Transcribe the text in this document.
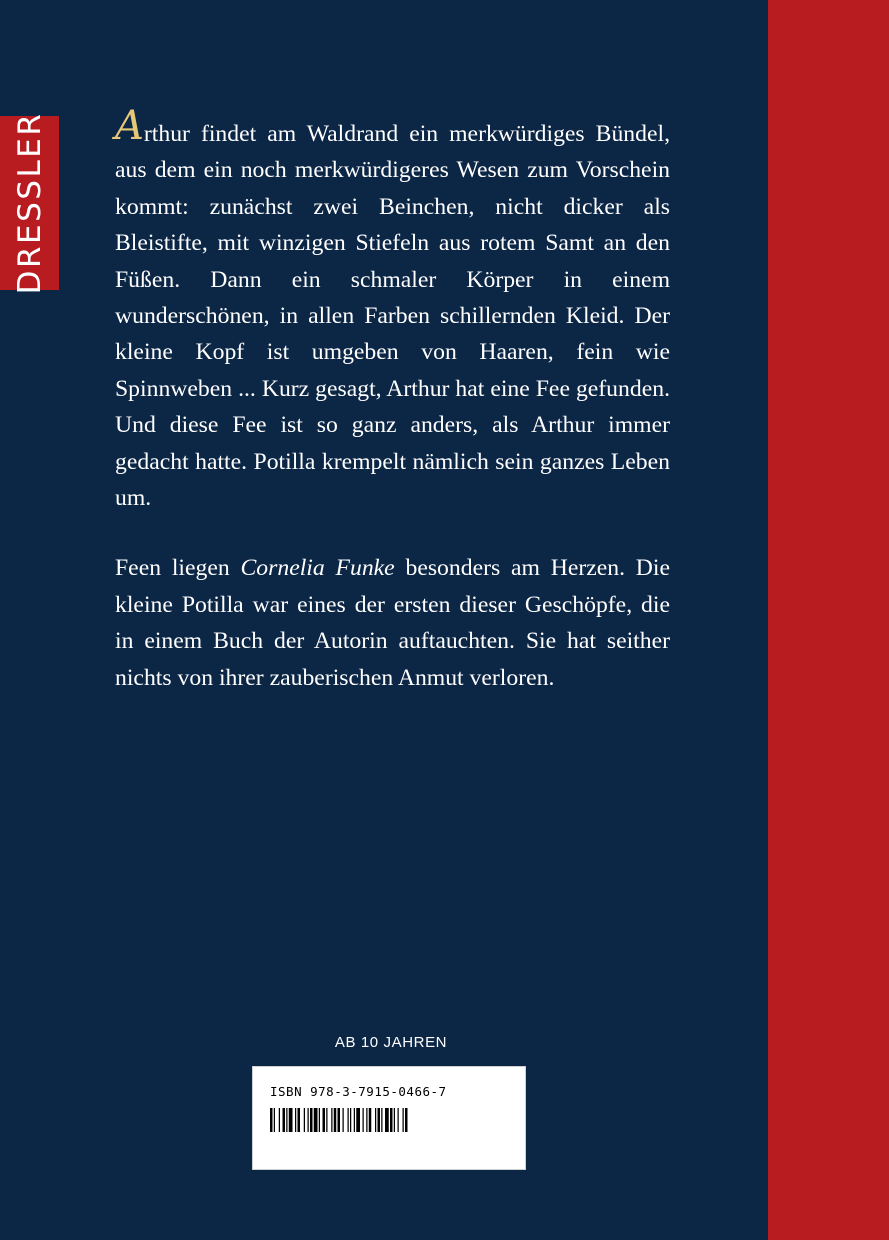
DRESSLER Arthur findet am Waldrand ein merkwürdiges Bündel, aus dem ein noch merkwürdigeres Wesen zum Vorschein kommt: zunächst zwei Beinchen, nicht dicker als Bleistifte, mit winzigen Stiefeln aus rotem Samt an den Füßen. Dann ein schmaler Körper in einem wunderschönen, in allen Farben schillernden Kleid. Der kleine Kopf ist umgeben von Haaren, fein wie Spinnweben ... Kurz gesagt, Arthur hat eine Fee gefunden. Und diese Fee ist so ganz anders, als Arthur immer gedacht hatte. Potilla krempelt nämlich sein ganzes Leben um.

Feen liegen Cornelia Funke besonders am Herzen. Die kleine Potilla war eines der ersten dieser Geschöpfe, die in einem Buch der Autorin auftauchten. Sie hat seither nichts von ihrer zauberischen Anmut verloren.

AB 10 JAHREN
ISBN 978-3-7915-0466-7
